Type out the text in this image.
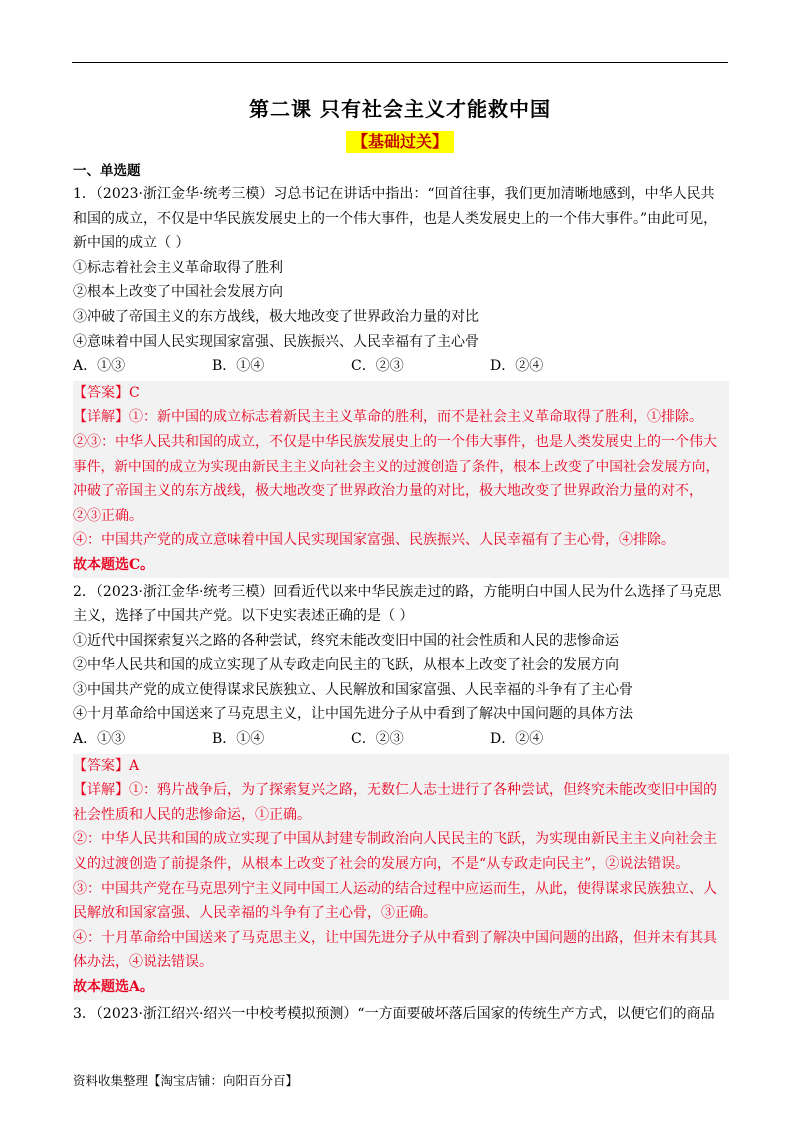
第二课 只有社会主义才能救中国
【基础过关】
一、单选题
1．（2023·浙江金华·统考三模）习总书记在讲话中指出：“回首往事，我们更加清晰地感到，中华人民共
和国的成立，不仅是中华民族发展史上的一个伟大事件，也是人类发展史上的一个伟大事件。”由此可见，
新中国的成立（ ）
①标志着社会主义革命取得了胜利
②根本上改变了中国社会发展方向
③冲破了帝国主义的东方战线，极大地改变了世界政治力量的对比
④意味着中国人民实现国家富强、民族振兴、人民幸福有了主心骨
A．①③	B．①④	C．②③	D．②④
【答案】C
【详解】①：新中国的成立标志着新民主主义革命的胜利，而不是社会主义革命取得了胜利，①排除。
②③：中华人民共和国的成立，不仅是中华民族发展史上的一个伟大事件，也是人类发展史上的一个伟大
事件，新中国的成立为实现由新民主主义向社会主义的过渡创造了条件，根本上改变了中国社会发展方向，
冲破了帝国主义的东方战线，极大地改变了世界政治力量的对比，极大地改变了世界政治力量的对不，
②③正确。
④：中国共产党的成立意味着中国人民实现国家富强、民族振兴、人民幸福有了主心骨，④排除。
故本题选C。
2．（2023·浙江金华·统考三模）回看近代以来中华民族走过的路，方能明白中国人民为什么选择了马克思
主义，选择了中国共产党。以下史实表述正确的是（ ）
①近代中国探索复兴之路的各种尝试，终究未能改变旧中国的社会性质和人民的悲惨命运
②中华人民共和国的成立实现了从专政走向民主的飞跃，从根本上改变了社会的发展方向
③中国共产党的成立使得谋求民族独立、人民解放和国家富强、人民幸福的斗争有了主心骨
④十月革命给中国送来了马克思主义，让中国先进分子从中看到了解决中国问题的具体方法
A．①③	B．①④	C．②③	D．②④
【答案】A
【详解】①：鸦片战争后，为了探索复兴之路，无数仁人志士进行了各种尝试，但终究未能改变旧中国的
社会性质和人民的悲惨命运，①正确。
②：中华人民共和国的成立实现了中国从封建专制政治向人民民主的飞跃，为实现由新民主主义向社会主
义的过渡创造了前提条件，从根本上改变了社会的发展方向，不是“从专政走向民主”，②说法错误。
③：中国共产党在马克思列宁主义同中国工人运动的结合过程中应运而生，从此，使得谋求民族独立、人
民解放和国家富强、人民幸福的斗争有了主心骨，③正确。
④：十月革命给中国送来了马克思主义，让中国先进分子从中看到了解决中国问题的出路，但并未有其具
体办法，④说法错误。
故本题选A。
3．（2023·浙江绍兴·绍兴一中校考模拟预测）“一方面要破坏落后国家的传统生产方式，以便它们的商品
资料收集整理【淘宝店铺：向阳百分百】
